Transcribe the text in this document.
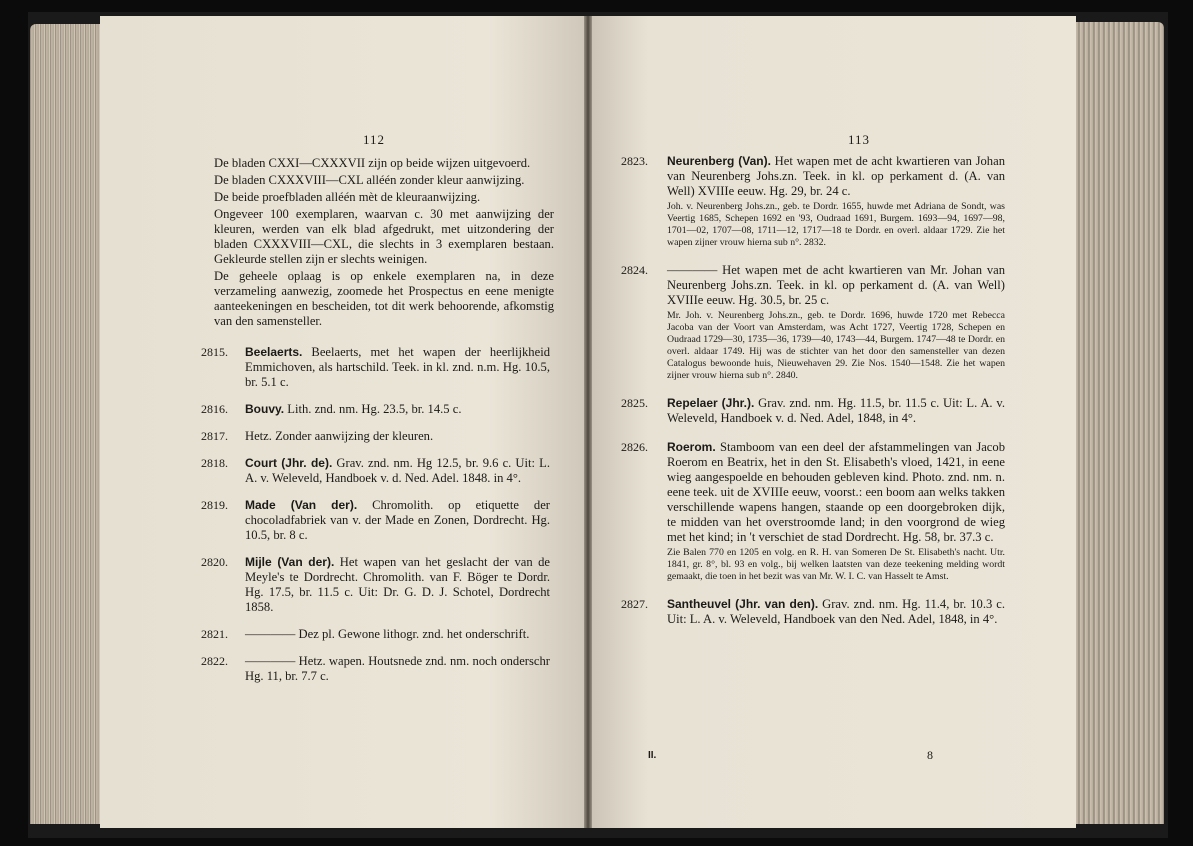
112	113

De bladen CXXI—CXXXVII zijn op beide wijzen uitgevoerd.

De bladen CXXXVIII—CXL alléén zonder kleur aanwijzing.

De beide proefbladen alléén mèt de kleuraanwijzing.

Ongeveer 100 exemplaren, waarvan c. 30 met aanwijzing der kleuren, werden van elk blad afgedrukt, met uitzondering der bladen CXXXVIII—CXL, die slechts in 3 exemplaren bestaan. Gekleurde stellen zijn er slechts weinigen.

De geheele oplaag is op enkele exemplaren na, in deze verzameling aanwezig, zoomede het Prospectus en eene menigte aanteekeningen en bescheiden, tot dit werk behoorende, afkomstig van den samensteller.

2815. Beelaerts. Beelaerts, met het wapen der heerlijkheid Emmichoven, als hartschild. Teek. in kl. znd. n.m. Hg. 10.5, br. 5.1 c.

2816. Bouvy. Lith. znd. nm. Hg. 23.5, br. 14.5 c.

2817. Hetz. Zonder aanwijzing der kleuren.

2818. Court (Jhr. de). Grav. znd. nm. Hg 12.5, br. 9.6 c. Uit: L. A. v. Weleveld, Handboek v. d. Ned. Adel. 1848. in 4°.

2819. Made (Van der). Chromolith. op etiquette der chocoladfabriek van v. der Made en Zonen, Dordrecht. Hg. 10.5, br. 8 c.

2820. Mijle (Van der). Het wapen van het geslacht der van de Meyle's te Dordrecht. Chromolith. van F. Böger te Dordr. Hg. 17.5, br. 11.5 c. Uit: Dr. G. D. J. Schotel, Dordrecht 1858.

2821. ———— Dez pl. Gewone lithogr. znd. het onderschrift.

2822. ———— Hetz. wapen. Houtsnede znd. nm. noch onderschr Hg. 11, br. 7.7 c.

2823. Neurenberg (Van). Het wapen met de acht kwartieren van Johan van Neurenberg Johs.zn. Teek. in kl. op perkament d. (A. van Well) XVIIIe eeuw. Hg. 29, br. 24 c.

Joh. v. Neurenberg Johs.zn., geb. te Dordr. 1655, huwde met Adriana de Sondt, was Veertig 1685, Schepen 1692 en '93, Oudraad 1691, Burgem. 1693—94, 1697—98, 1701—02, 1707—08, 1711—12, 1717—18 te Dordr. en overl. aldaar 1729. Zie het wapen zijner vrouw hierna sub n°. 2832.

2824. ———— Het wapen met de acht kwartieren van Mr. Johan van Neurenberg Johs.zn. Teek. in kl. op perkament d. (A. van Well) XVIIIe eeuw. Hg. 30.5, br. 25 c.

Mr. Joh. v. Neurenberg Johs.zn., geb. te Dordr. 1696, huwde 1720 met Rebecca Jacoba van der Voort van Amsterdam, was Acht 1727, Veertig 1728, Schepen en Oudraad 1729—30, 1735—36, 1739—40, 1743—44, Burgem. 1747—48 te Dordr. en overl. aldaar 1749. Hij was de stichter van het door den samensteller van dezen Catalogus bewoonde huis, Nieuwehaven 29. Zie Nos. 1540—1548. Zie het wapen zijner vrouw hierna sub n°. 2840.

2825. Repelaer (Jhr.). Grav. znd. nm. Hg. 11.5, br. 11.5 c. Uit: L. A. v. Weleveld, Handboek v. d. Ned. Adel, 1848, in 4°.

2826. Roerom. Stamboom van een deel der afstammelingen van Jacob Roerom en Beatrix, het in den St. Elisabeth's vloed, 1421, in eene wieg aangespoelde en behouden gebleven kind. Photo. znd. nm. n. eene teek. uit de XVIIIe eeuw, voorst.: een boom aan welks takken verschillende wapens hangen, staande op een doorgebroken dijk, te midden van het overstroomde land; in den voorgrond de wieg met het kind; in 't verschiet de stad Dordrecht. Hg. 58, br. 37.3 c.

Zie Balen 770 en 1205 en volg. en R. H. van Someren De St. Elisabeth's nacht. Utr. 1841, gr. 8°, bl. 93 en volg., bij welken laatsten van deze teekening melding wordt gemaakt, die toen in het bezit was van Mr. W. I. C. van Hasselt te Amst.

2827. Santheuvel (Jhr. van den). Grav. znd. nm. Hg. 11.4, br. 10.3 c. Uit: L. A. v. Weleveld, Handboek van den Ned. Adel, 1848, in 4°.

II.	8
